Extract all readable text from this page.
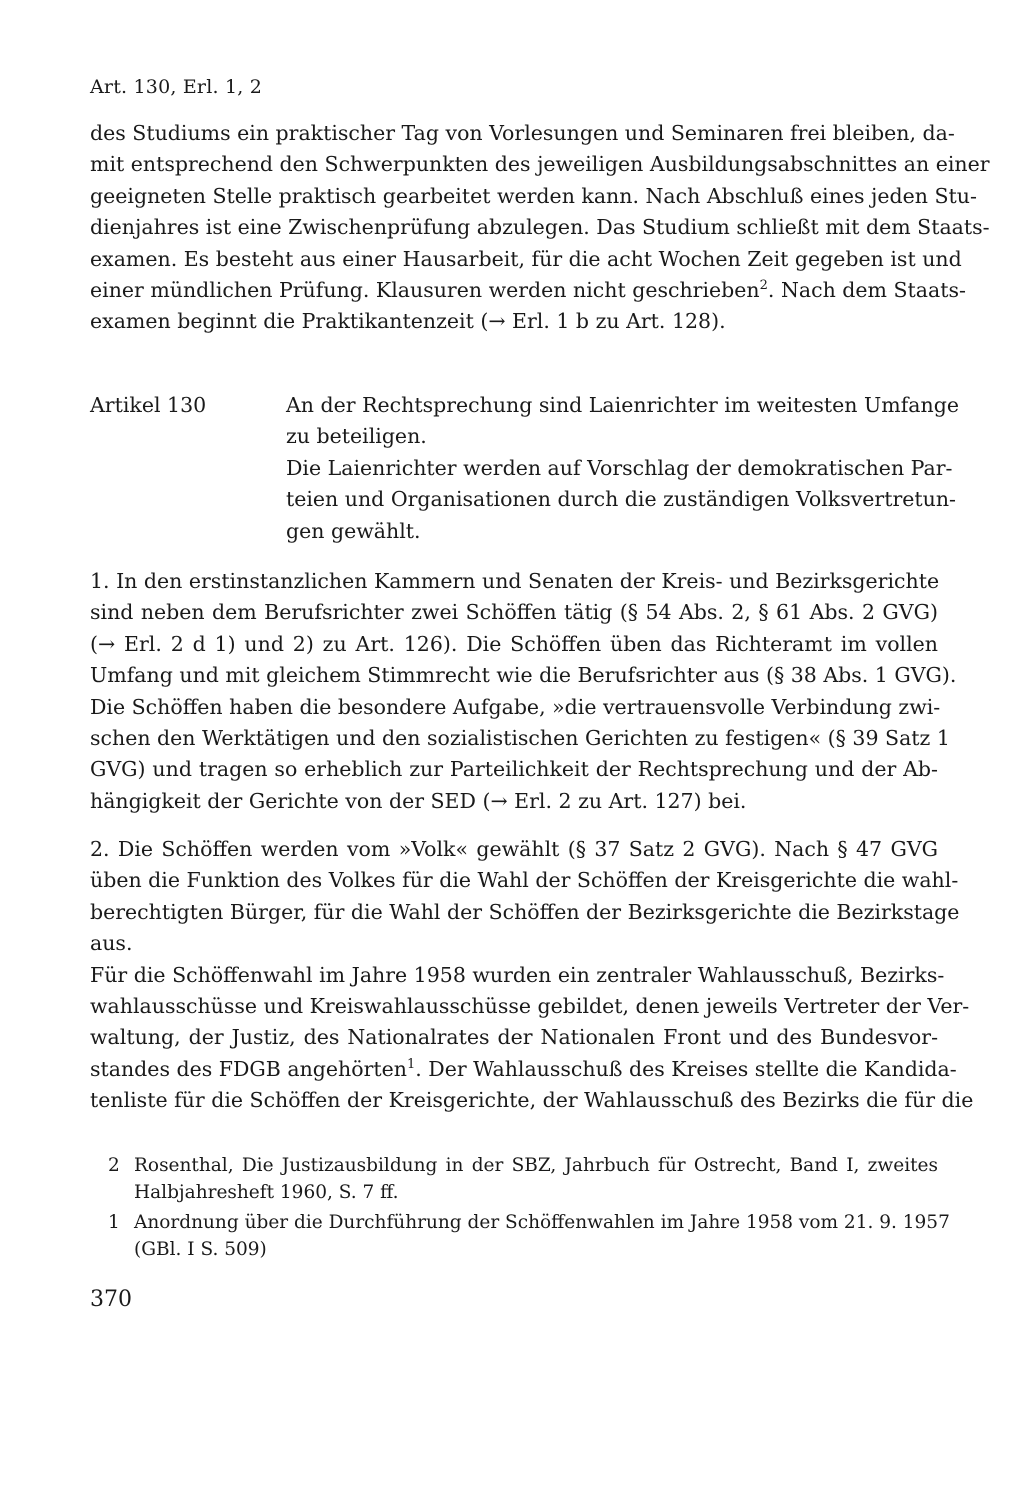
Art. 130, Erl. 1, 2
des Studiums ein praktischer Tag von Vorlesungen und Seminaren frei bleiben, da-
mit entsprechend den Schwerpunkten des jeweiligen Ausbildungsabschnittes an einer
geeigneten Stelle praktisch gearbeitet werden kann. Nach Abschluß eines jeden Stu-
dienjahres ist eine Zwischenprüfung abzulegen. Das Studium schließt mit dem Staats-
examen. Es besteht aus einer Hausarbeit, für die acht Wochen Zeit gegeben ist und
einer mündlichen Prüfung. Klausuren werden nicht geschrieben$^2$. Nach dem Staats-
examen beginnt die Praktikantenzeit (→ Erl. 1 b zu Art. 128).
Artikel 130	An der Rechtsprechung sind Laienrichter im weitesten Umfange
zu beteiligen.
Die Laienrichter werden auf Vorschlag der demokratischen Par-
teien und Organisationen durch die zuständigen Volksvertretun-
gen gewählt.
1. In den erstinstanzlichen Kammern und Senaten der Kreis- und Bezirksgerichte
sind neben dem Berufsrichter zwei Schöffen tätig (§ 54 Abs. 2, § 61 Abs. 2 GVG)
(→ Erl. 2 d 1) und 2) zu Art. 126). Die Schöffen üben das Richteramt im vollen
Umfang und mit gleichem Stimmrecht wie die Berufsrichter aus (§ 38 Abs. 1 GVG).
Die Schöffen haben die besondere Aufgabe, »die vertrauensvolle Verbindung zwi-
schen den Werktätigen und den sozialistischen Gerichten zu festigen« (§ 39 Satz 1
GVG) und tragen so erheblich zur Parteilichkeit der Rechtsprechung und der Ab-
hängigkeit der Gerichte von der SED (→ Erl. 2 zu Art. 127) bei.
2. Die Schöffen werden vom »Volk« gewählt (§ 37 Satz 2 GVG). Nach § 47 GVG
üben die Funktion des Volkes für die Wahl der Schöffen der Kreisgerichte die wahl-
berechtigten Bürger, für die Wahl der Schöffen der Bezirksgerichte die Bezirkstage
aus.
Für die Schöffenwahl im Jahre 1958 wurden ein zentraler Wahlausschuß, Bezirks-
wahlausschüsse und Kreiswahlausschüsse gebildet, denen jeweils Vertreter der Ver-
waltung, der Justiz, des Nationalrates der Nationalen Front und des Bundesvor-
standes des FDGB angehörten$^1$. Der Wahlausschuß des Kreises stellte die Kandida-
tenliste für die Schöffen der Kreisgerichte, der Wahlausschuß des Bezirks die für die
2 Rosenthal, Die Justizausbildung in der SBZ, Jahrbuch für Ostrecht, Band I, zweites
Halbjahresheft 1960, S. 7 ff.
1 Anordnung über die Durchführung der Schöffenwahlen im Jahre 1958 vom 21. 9. 1957
(GBl. I S. 509)
370
